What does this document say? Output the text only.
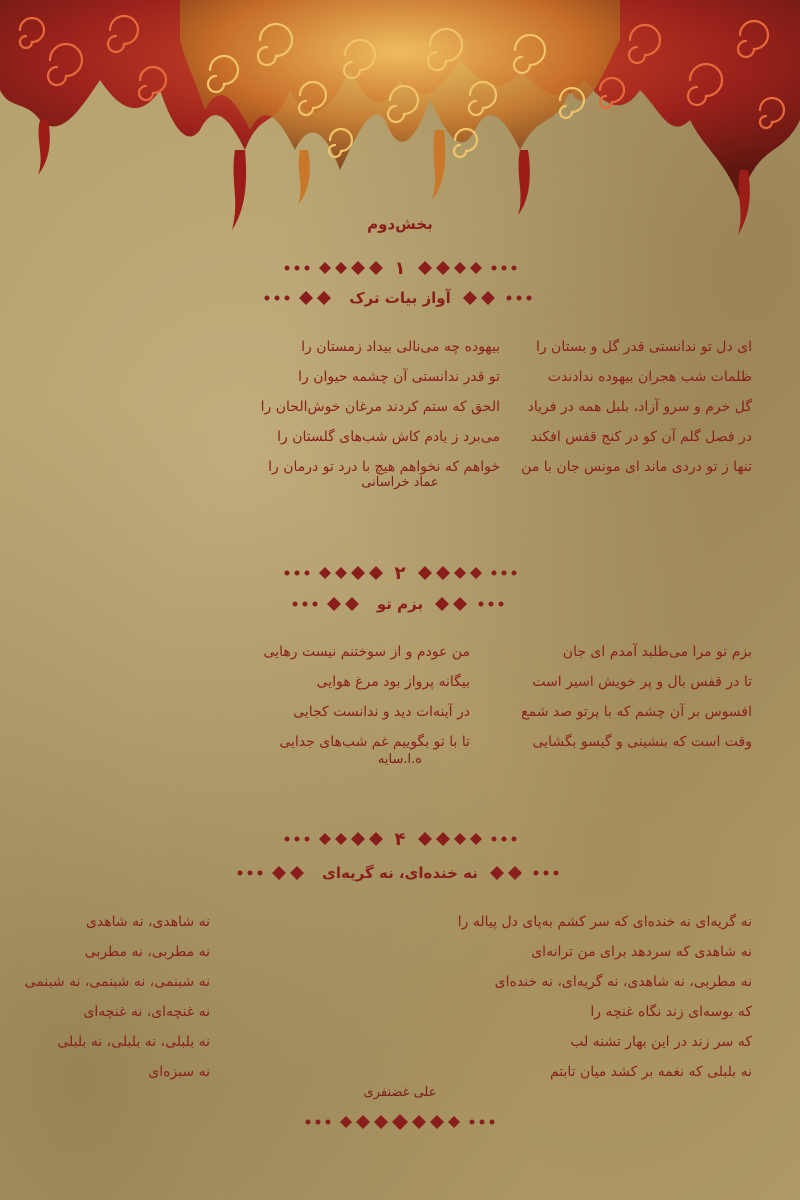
بخش‌دوم
١
آواز بیات ترک
بیهوده چه می‌نالی بیداد زمستان را
تو قدر ندانستی آن چشمه حیوان را
الحق که ستم کردند مرغان خوش‌الحان را
می‌برد ز یادم کاش شب‌های گلستان را
خواهم که نخواهم هیچ با درد تو درمان را
ای دل تو ندانستی قدر گل و بستان را
ظلمات شب هجران بیهوده ندادندت
گل خرم و سرو آزاد، بلبل همه در فریاد
در فصل گلم آن کو در کنج قفس افکند
تنها ز تو دردی ماند ای مونس جان با من
عماد خراسانی
٢
بزم تو
من عودم و از سوختنم نیست رهایی
بیگانه پرواز بود مرغ هوایی
در آینه‌ات دید و ندانست کجایی
تا با تو بگوییم غم شب‌های جدایی
بزم تو مرا می‌طلبد آمدم ای جان
تا در قفس بال و پر خویش اسیر است
افسوس بر آن چشم که با پرتو صد شمع
وقت است که بنشینی و گیسو بگشایی
ه.ا.سایه
۴
نه خنده‌ای، نه گریه‌ای
نه شاهدی، نه شاهدی
نه مطربی، نه مطربی
نه شبنمی، نه شبنمی، نه شبنمی
نه غنچه‌ای، نه غنچه‌ای
نه بلبلی، نه بلبلی، نه بلبلی
نه سبزه‌ای
نه گریه‌ای نه خنده‌ای که سر کشم به‌پای دل پیاله را
نه شاهدی که سردهد برای من ترانه‌ای
نه مطربی، نه شاهدی، نه گریه‌ای، نه خنده‌ای
که بوسه‌ای زند نگاه غنچه را
که سر زند در این بهار تشنه لب
نه بلبلی که نغمه بر کشد میان تابتم
علی غضنفری
